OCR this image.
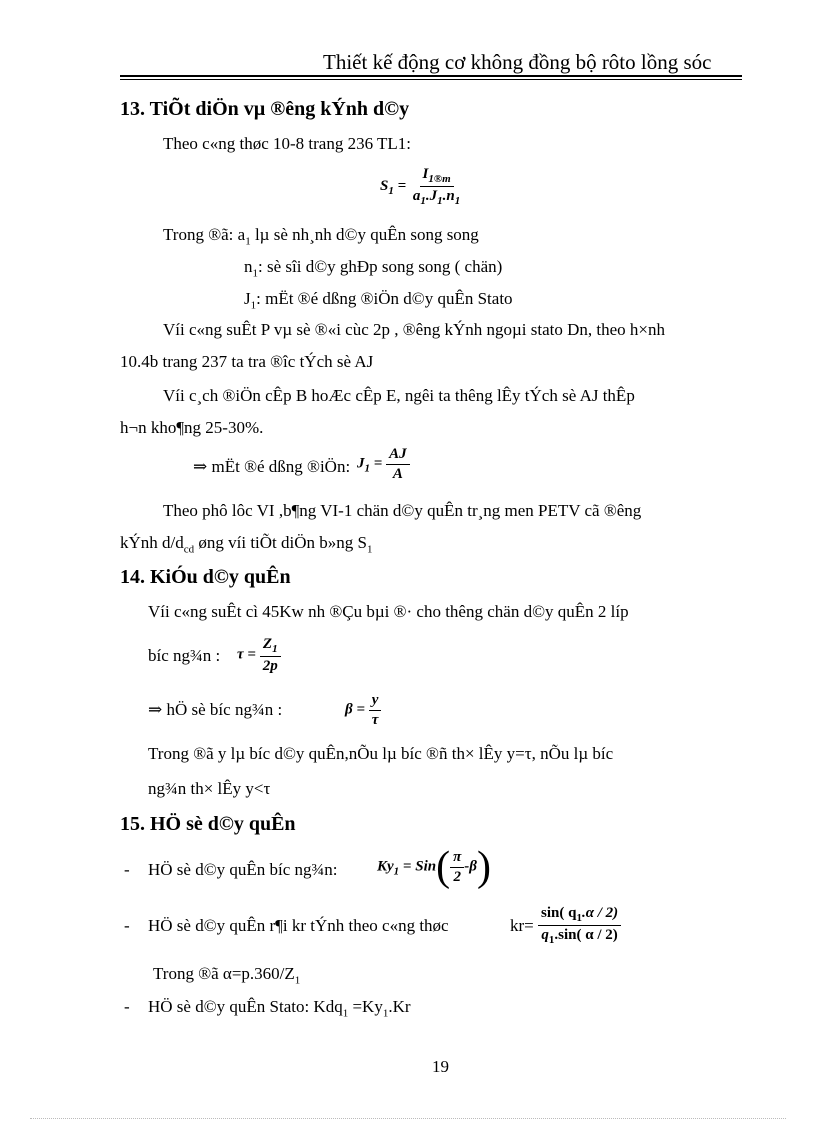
Thiết kế động cơ không đồng bộ rôto lồng sóc
13. TiÕt diÖn vµ ®êng kÝnh d©y
Theo c«ng thøc 10-8 trang 236 TL1:
$S_1 = \frac{I_{1®m}}{a_1.J_1.n_1}$
Trong ®ã: $a_1$ lµ sè nh¸nh d©y quÊn song song
$n_1$: sè sîi d©y ghÐp song song ( chän)
$J_1$: mËt ®é dßng ®iÖn d©y quÊn Stato
Víi c«ng suÊt P vµ sè ®«i cùc 2p , ®êng kÝnh ngoµi stato Dn, theo h×nh
10.4b trang 237 ta tra ®îc tÝch sè AJ
Víi c¸ch ®iÖn cÊp B hoÆc cÊp E, ngêi ta thêng lÊy tÝch sè AJ thÊp
h¬n kho¶ng 25-30%.
⇒ mËt ®é dßng ®iÖn: $J_1 = \frac{AJ}{A}$
Theo phô lôc VI ,b¶ng VI-1 chän d©y quÊn tr¸ng men PETV cã ®êng
kÝnh $d/d_{cd}$ øng víi tiÕt diÖn b»ng $S_1$
14. KiÓu d©y quÊn
Víi c«ng suÊt cì 45Kw nh ®Çu bµi ®· cho thêng chän d©y quÊn 2 líp
bíc ng¾n : $\tau = \frac{Z_1}{2p}$
⇒ hÖ sè bíc ng¾n :	$\beta = \frac{y}{\tau}$
Trong ®ã y lµ bíc d©y quÊn,nÕu lµ bíc ®ñ th× lÊy y=τ, nÕu lµ bíc
ng¾n th× lÊy y<τ
15. HÖ sè d©y quÊn
- HÖ sè d©y quÊn bíc ng¾n:	$Ky_1 = Sin( \frac{\pi}{2} -\beta)$
- HÖ sè d©y quÊn r¶i kr tÝnh theo c«ng thøc	$kr= \frac{\sin( q_1.\alpha / 2)}{q_1.\sin( \alpha / 2)}$
Trong ®ã $\alpha=p.360/Z_1$
- HÖ sè d©y quÊn Stato: $Kdq_1 =Ky_1.Kr$
19
